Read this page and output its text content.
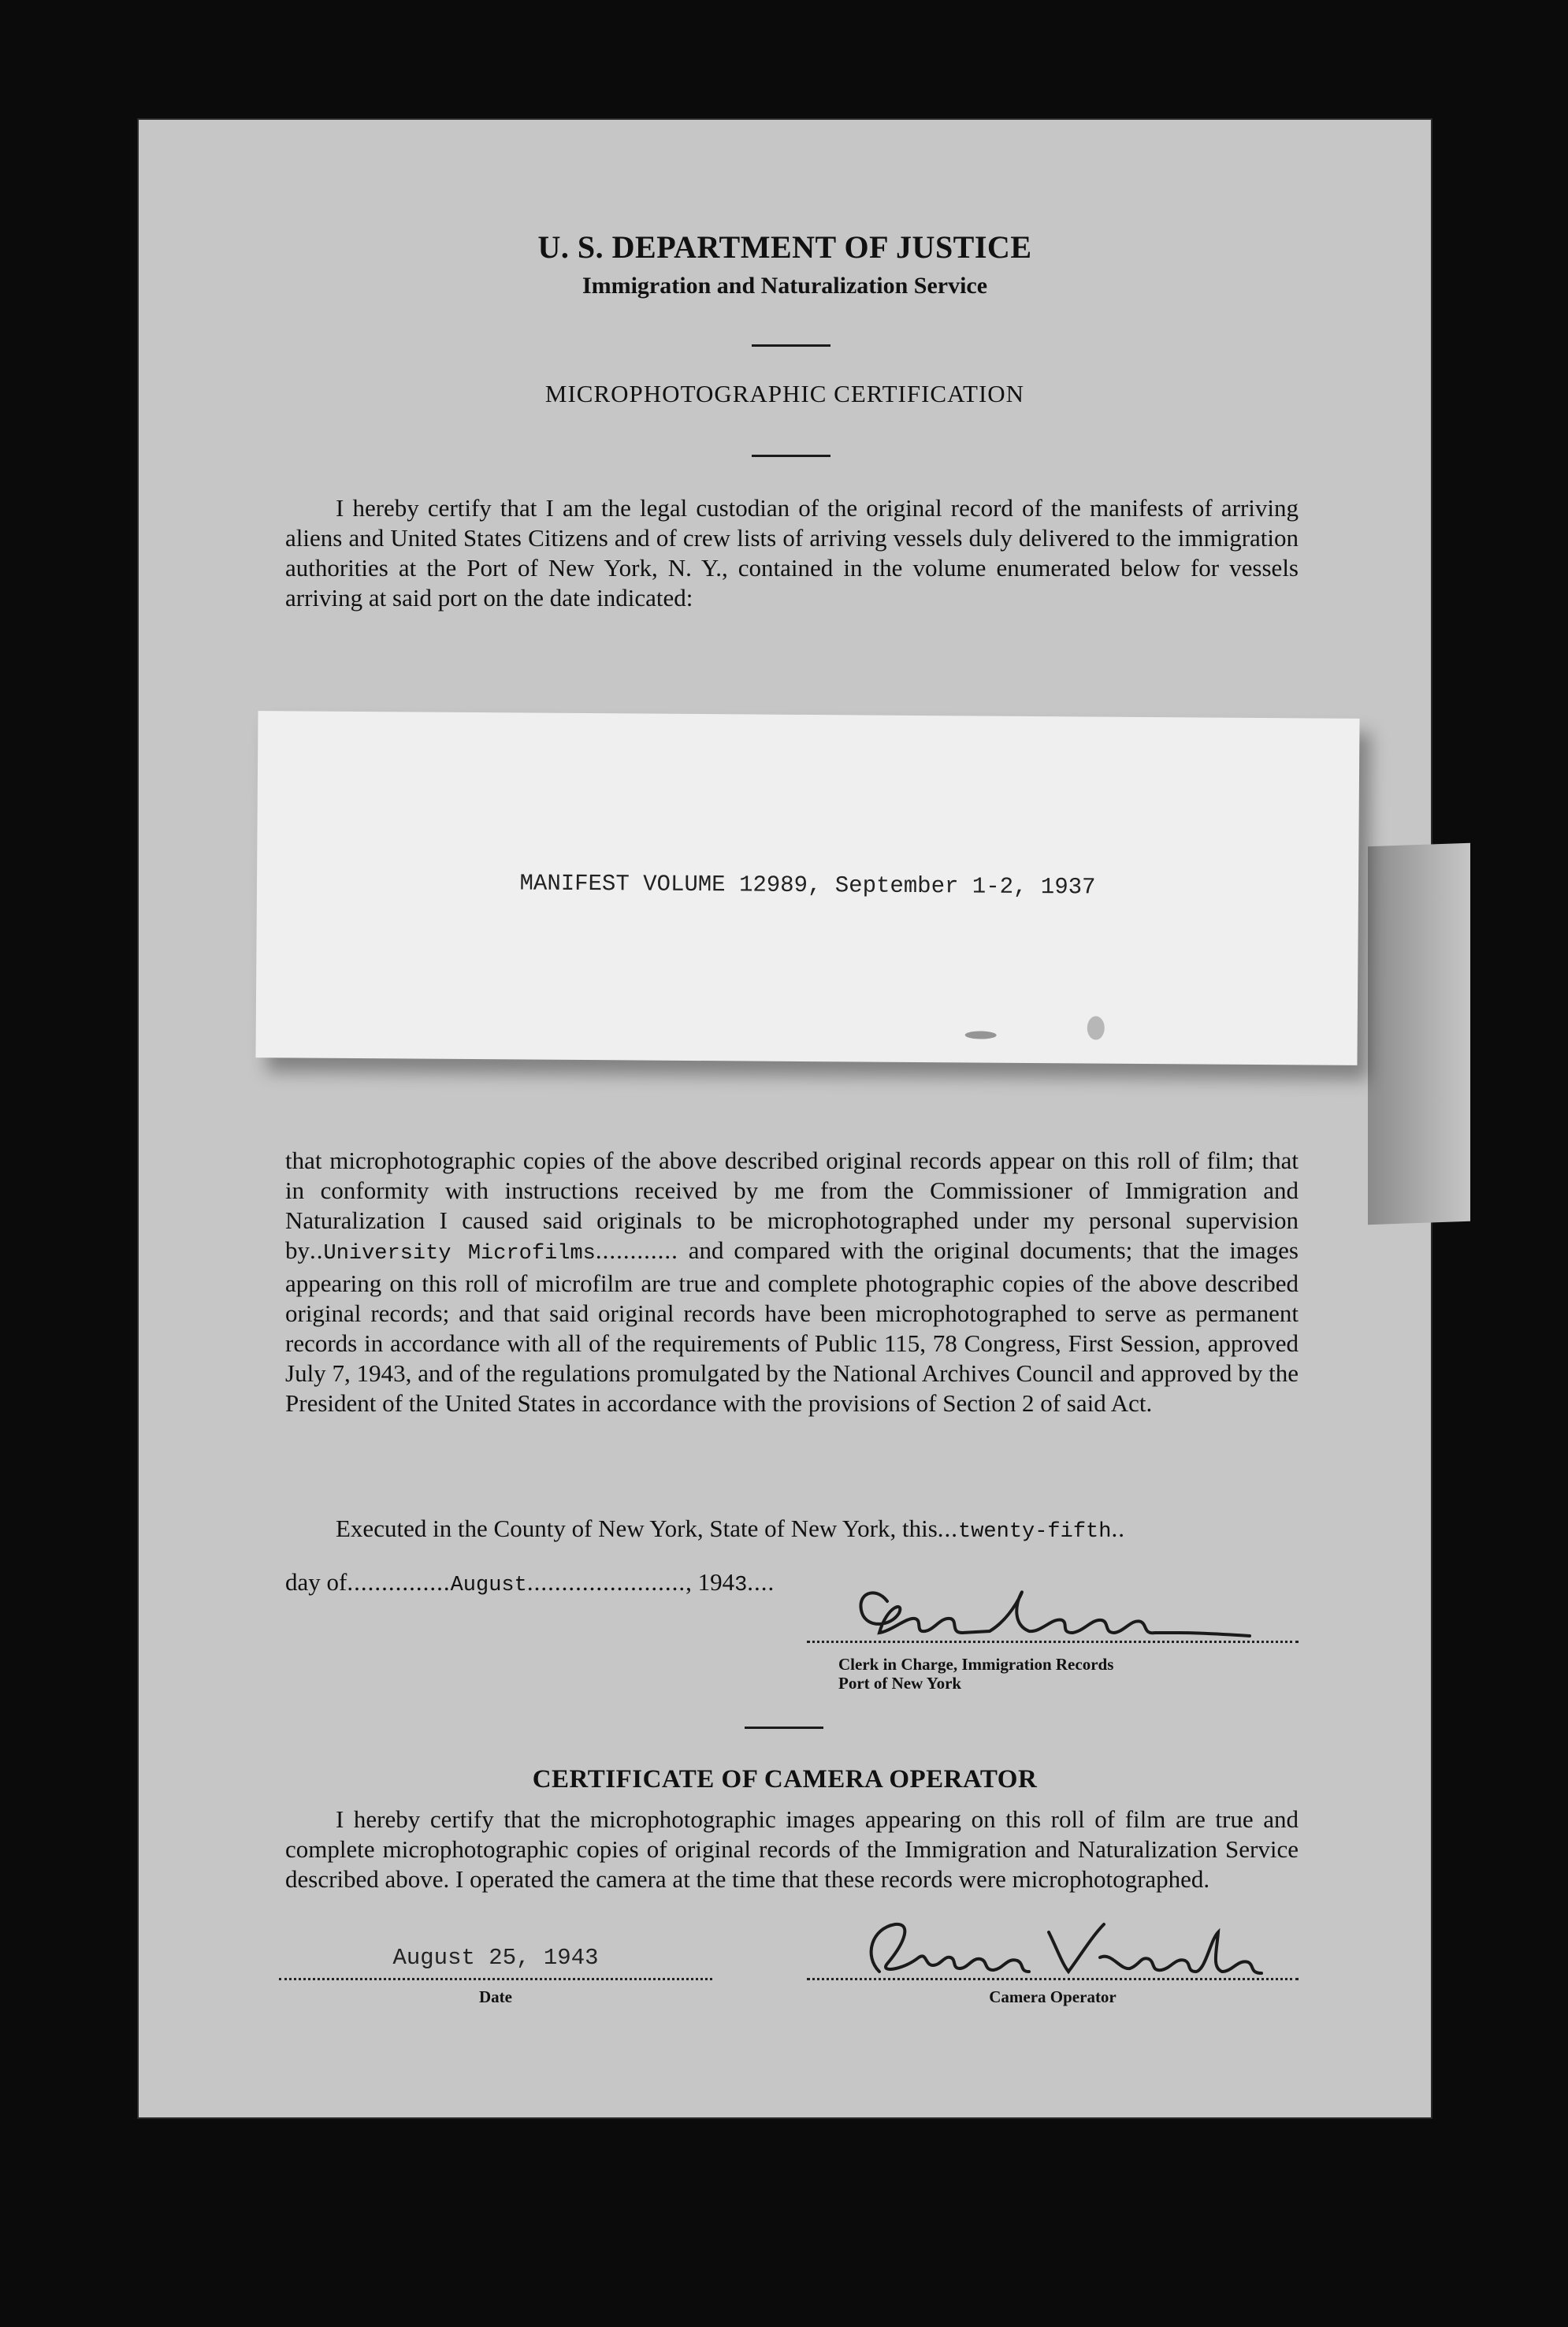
U. S. DEPARTMENT OF JUSTICE
Immigration and Naturalization Service
MICROPHOTOGRAPHIC CERTIFICATION
I hereby certify that I am the legal custodian of the original record of the manifests of arriving aliens and United States Citizens and of crew lists of arriving vessels duly delivered to the immigration authorities at the Port of New York, N. Y., contained in the volume enumerated below for vessels arriving at said port on the date indicated:
MANIFEST VOLUME 12989, September 1-2, 1937
that microphotographic copies of the above described original records appear on this roll of film; that in conformity with instructions received by me from the Commissioner of Immigration and Naturalization I caused said originals to be microphotographed under my personal supervision by..University Microfilms............ and compared with the original documents; that the images appearing on this roll of microfilm are true and complete photographic copies of the above described original records; and that said original records have been microphotographed to serve as permanent records in accordance with all of the requirements of Public 115, 78 Congress, First Session, approved July 7, 1943, and of the regulations promulgated by the National Archives Council and approved by the President of the United States in accordance with the provisions of Section 2 of said Act.
Executed in the County of New York, State of New York, this...twenty-fifth..
day of...............August......................., 1943....
Clerk in Charge, Immigration Records
Port of New York
CERTIFICATE OF CAMERA OPERATOR
I hereby certify that the microphotographic images appearing on this roll of film are true and complete microphotographic copies of original records of the Immigration and Naturalization Service described above. I operated the camera at the time that these records were microphotographed.
August 25, 1943
Date	Camera Operator
